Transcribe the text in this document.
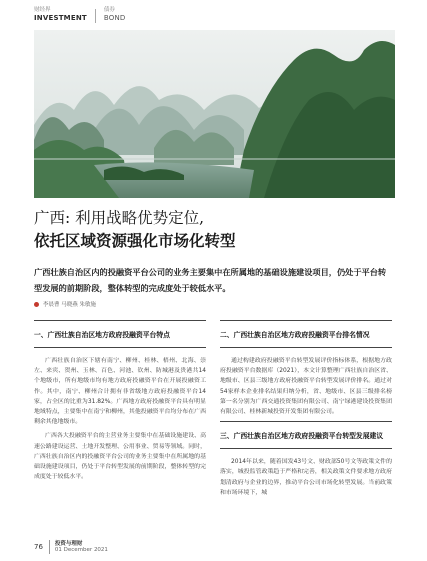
财经界
INVESTMENT
债券
BOND
广西: 利用战略优势定位,
依托区域资源强化市场化转型
广西壮族自治区内的投融资平台公司的业务主要集中在所属地的基础设施建设项目，仍处于平台转型发展的前期阶段，整体转型的完成度处于较低水平。
李晨曹 马晓燕 朱敏施
一、广西壮族自治区地方政府投融资平台特点

广西壮族自治区下辖有南宁、柳州、桂林、梧州、北海、崇左、来宾、贺州、玉林、百色、河池、钦州、防城港及贵港共14个地级市，所有地级市均有地方政府投融资平台在开展投融资工作。其中，南宁、柳州合计拥有非省级地方政府投融资平台14家，占全区的比重为31.82%。广西地方政府投融资平台具有明显地域特点，主要集中在南宁和柳州，其他投融资平台均分布在广西剩余其他地级市。

广西各大投融资平台的主营业务主要集中在基础设施建设、高速公路建设运营、土地开发整理、公用事业、贸易等领域。同时，广西壮族自治区内的投融资平台公司的业务主要集中在所属地的基础设施建设项目，仍处于平台转型发展的前期阶段，整体转型的完成度处于较低水平。

二、广西壮族自治区地方政府投融资平台排名情况

通过构建政府投融资平台转型发展评价指标体系，根据地方政府投融资平台数据库（2021），本文计算整理广西壮族自治区省、地级市、区县三级地方政府投融资平台转型发展评价排名。通过对54家样本企业排名结果归纳分析，省、地级市、区县三级排名榜第一名分别为广西交通投资集团有限公司、南宁绿港建设投资集团有限公司、桂林新城投资开发集团有限公司。

三、广西壮族自治区地方政府投融资平台转型发展建议

2014年以来，随着国发43号文、财政部50号文等政策文件的落实，城投监管政策趋于严格和完善，相关政策文件要求地方政府划清政府与企业的边界，推动平台公司市场化转型发展。当前政策和市场环境下，城

76 投资与理财
01 December 2021
